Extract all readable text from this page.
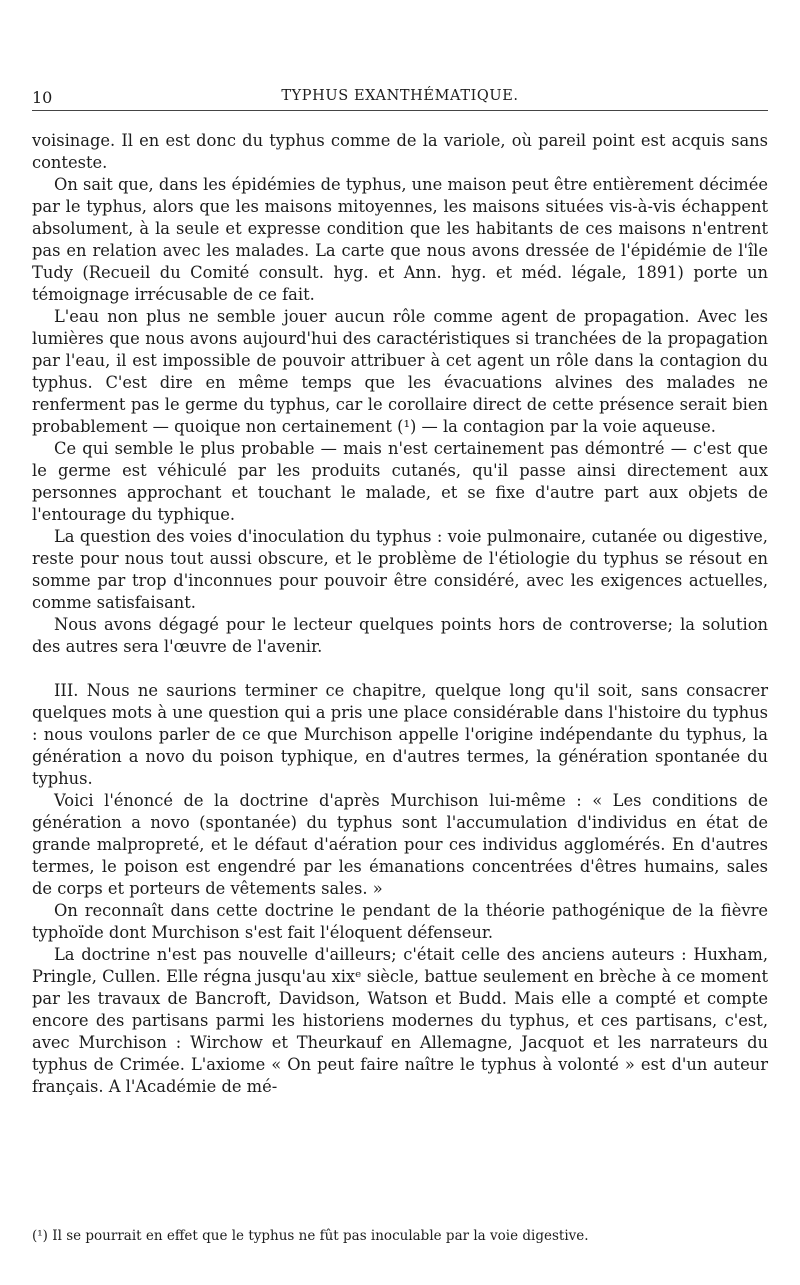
10	TYPHUS EXANTHÉMATIQUE.

voisinage. Il en est donc du typhus comme de la variole, où pareil point est acquis sans conteste.

On sait que, dans les épidémies de typhus, une maison peut être entièrement décimée par le typhus, alors que les maisons mitoyennes, les maisons situées vis-à-vis échappent absolument, à la seule et expresse condition que les habitants de ces maisons n'entrent pas en relation avec les malades. La carte que nous avons dressée de l'épidémie de l'île Tudy (Recueil du Comité consult. hyg. et Ann. hyg. et méd. légale, 1891) porte un témoignage irrécusable de ce fait.

L'eau non plus ne semble jouer aucun rôle comme agent de propagation. Avec les lumières que nous avons aujourd'hui des caractéristiques si tranchées de la propagation par l'eau, il est impossible de pouvoir attribuer à cet agent un rôle dans la contagion du typhus. C'est dire en même temps que les évacuations alvines des malades ne renferment pas le germe du typhus, car le corollaire direct de cette présence serait bien probablement — quoique non certainement (¹) — la contagion par la voie aqueuse.

Ce qui semble le plus probable — mais n'est certainement pas démontré — c'est que le germe est véhiculé par les produits cutanés, qu'il passe ainsi directement aux personnes approchant et touchant le malade, et se fixe d'autre part aux objets de l'entourage du typhique.

La question des voies d'inoculation du typhus : voie pulmonaire, cutanée ou digestive, reste pour nous tout aussi obscure, et le problème de l'étiologie du typhus se résout en somme par trop d'inconnues pour pouvoir être considéré, avec les exigences actuelles, comme satisfaisant.

Nous avons dégagé pour le lecteur quelques points hors de controverse; la solution des autres sera l'œuvre de l'avenir.

III. Nous ne saurions terminer ce chapitre, quelque long qu'il soit, sans consacrer quelques mots à une question qui a pris une place considérable dans l'histoire du typhus : nous voulons parler de ce que Murchison appelle l'origine indépendante du typhus, la génération a novo du poison typhique, en d'autres termes, la génération spontanée du typhus.

Voici l'énoncé de la doctrine d'après Murchison lui-même : « Les conditions de génération a novo (spontanée) du typhus sont l'accumulation d'individus en état de grande malpropreté, et le défaut d'aération pour ces individus agglomérés. En d'autres termes, le poison est engendré par les émanations concentrées d'êtres humains, sales de corps et porteurs de vêtements sales. »

On reconnaît dans cette doctrine le pendant de la théorie pathogénique de la fièvre typhoïde dont Murchison s'est fait l'éloquent défenseur.

La doctrine n'est pas nouvelle d'ailleurs; c'était celle des anciens auteurs : Huxham, Pringle, Cullen. Elle régna jusqu'au xixᵉ siècle, battue seulement en brèche à ce moment par les travaux de Bancroft, Davidson, Watson et Budd. Mais elle a compté et compte encore des partisans parmi les historiens modernes du typhus, et ces partisans, c'est, avec Murchison : Wirchow et Theurkauf en Allemagne, Jacquot et les narrateurs du typhus de Crimée. L'axiome « On peut faire naître le typhus à volonté » est d'un auteur français. A l'Académie de mé-

(¹) Il se pourrait en effet que le typhus ne fût pas inoculable par la voie digestive.
